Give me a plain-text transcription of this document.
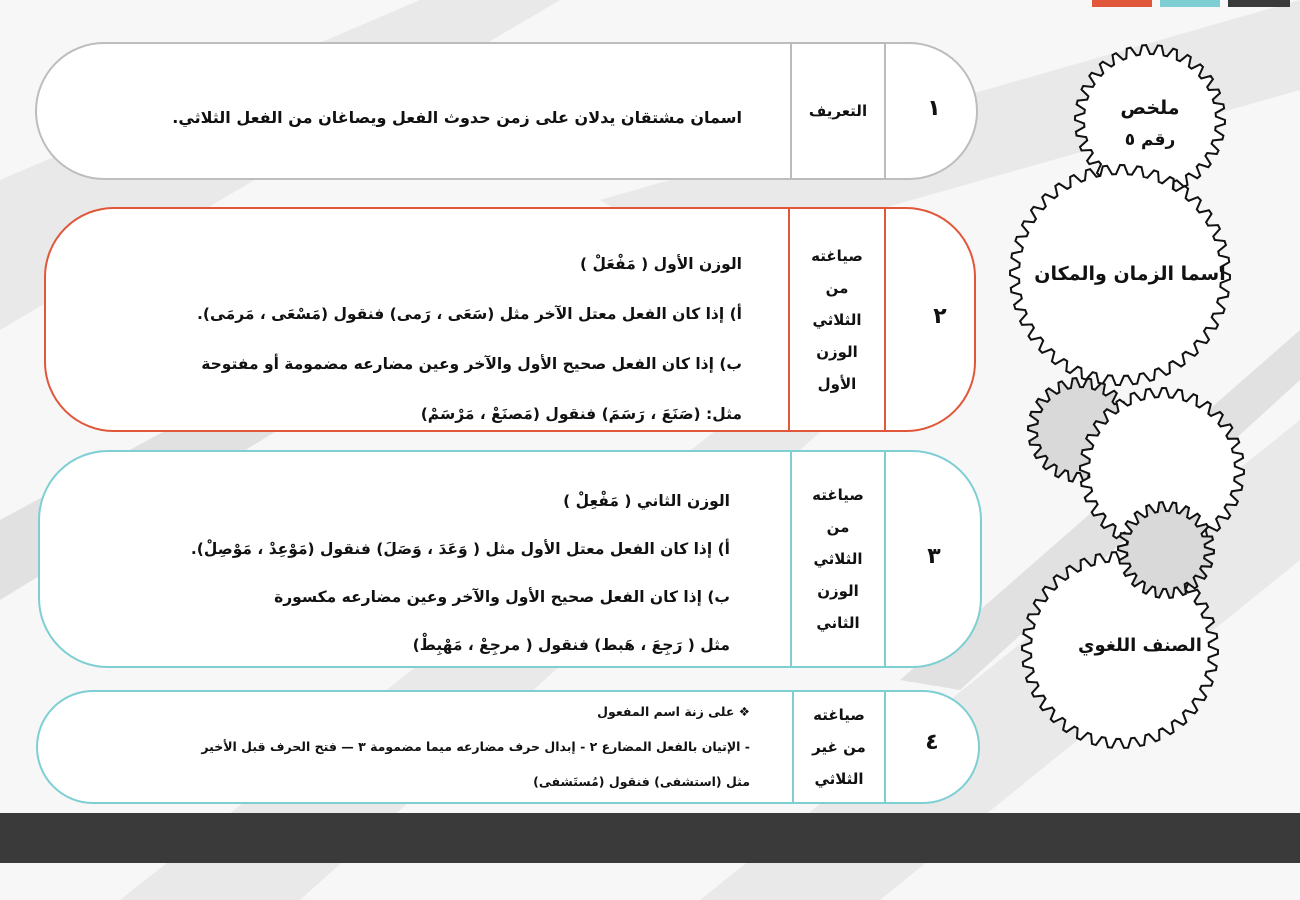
ملخص
رقم ٥
اسما الزمان والمكان
الصنف اللغوي
١
التعريف

اسمان مشتقان يدلان على زمن حدوث الفعل ويصاغان من الفعل الثلاثي.

٢
صياغته
من
الثلاثي
الوزن
الأول

الوزن الأول ( مَفْعَلْ )

أ) إذا كان الفعل معتل الآخر مثل (سَعَى ، رَمى) فنقول (مَسْعَى ، مَرمَى).

ب) إذا كان الفعل صحيح الأول والآخر وعين مضارعه مضمومة أو مفتوحة

مثل: (صَنَعَ ، رَسَمَ) فنقول (مَصنَعْ ، مَرْسَمْ)

٣
صياغته
من
الثلاثي
الوزن
الثاني

الوزن الثاني ( مَفْعِلْ )

أ) إذا كان الفعل معتل الأول مثل ( وَعَدَ ، وَصَلَ) فنقول (مَوْعِدْ ، مَوْصِلْ).

ب) إذا كان الفعل صحيح الأول والآخر وعين مضارعه مكسورة

مثل ( رَجِعَ ، هَبط) فنقول ( مرجِعْ ، مَهْبِطْ)

٤
صياغته
من غير
الثلاثي

❖ على زنة اسم المفعول

- الإتيان بالفعل المضارع ٢ - إبدال حرف مضارعه ميما مضمومة ٣ — فتح الحرف قبل الأخير

مثل (استشفى) فنقول (مُستَشفى)
